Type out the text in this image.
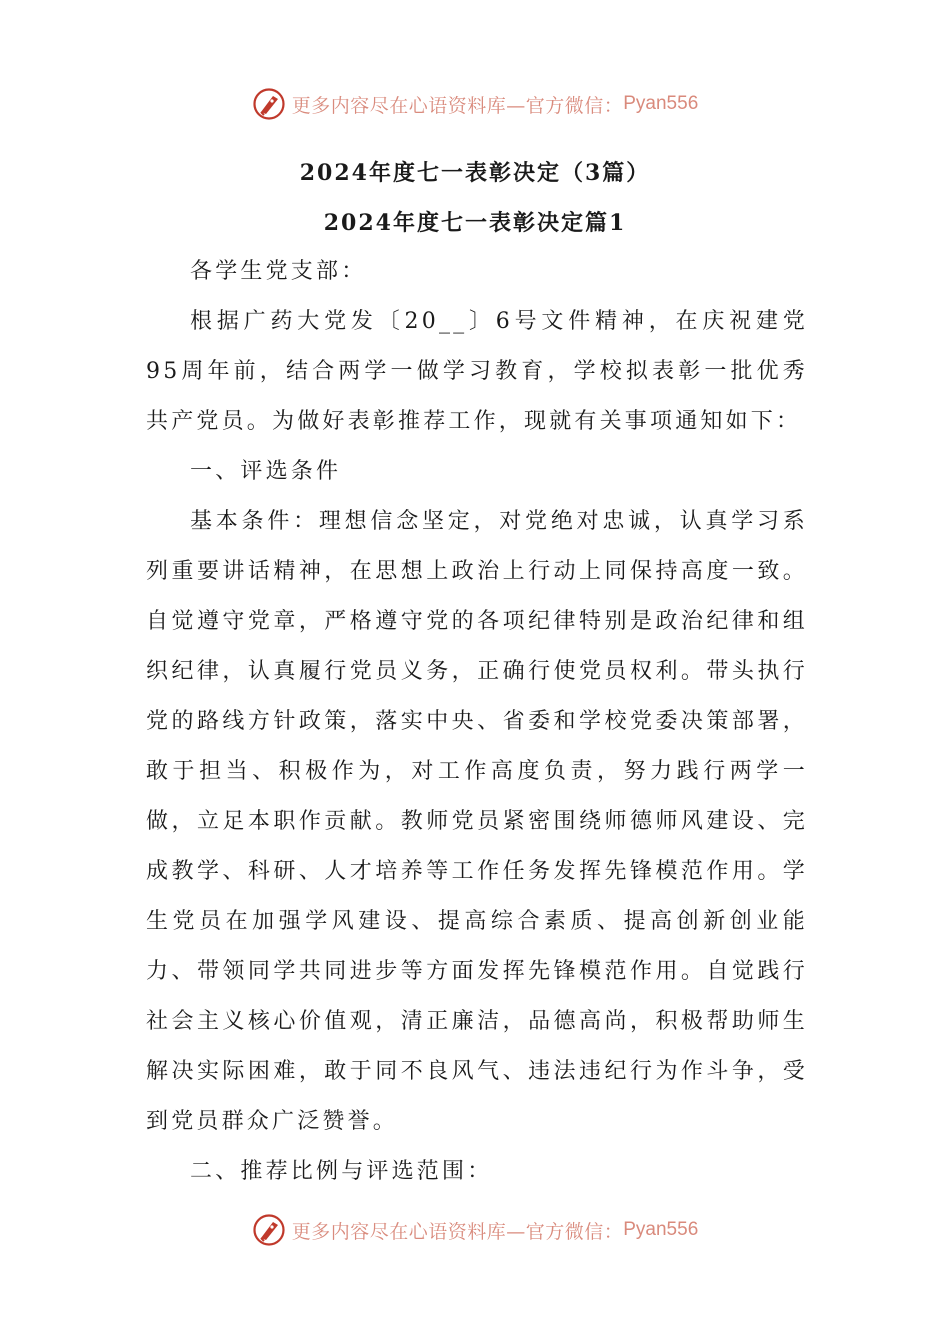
更多内容尽在心语资料库—官方微信： Pyan556
2024年度七一表彰决定（3篇）
2024年度七一表彰决定篇1

各学生党支部：

根据广药大党发〔20__〕6号文件精神，在庆祝建党95周年前，结合两学一做学习教育，学校拟表彰一批优秀共产党员。为做好表彰推荐工作，现就有关事项通知如下：

一、评选条件

基本条件：理想信念坚定，对党绝对忠诚，认真学习系列重要讲话精神，在思想上政治上行动上同保持高度一致。自觉遵守党章，严格遵守党的各项纪律特别是政治纪律和组织纪律，认真履行党员义务，正确行使党员权利。带头执行党的路线方针政策，落实中央、省委和学校党委决策部署，敢于担当、积极作为，对工作高度负责，努力践行两学一做，立足本职作贡献。教师党员紧密围绕师德师风建设、完成教学、科研、人才培养等工作任务发挥先锋模范作用。学生党员在加强学风建设、提高综合素质、提高创新创业能力、带领同学共同进步等方面发挥先锋模范作用。自觉践行社会主义核心价值观，清正廉洁，品德高尚，积极帮助师生解决实际困难，敢于同不良风气、违法违纪行为作斗争，受到党员群众广泛赞誉。

二、推荐比例与评选范围：

更多内容尽在心语资料库—官方微信： Pyan556
